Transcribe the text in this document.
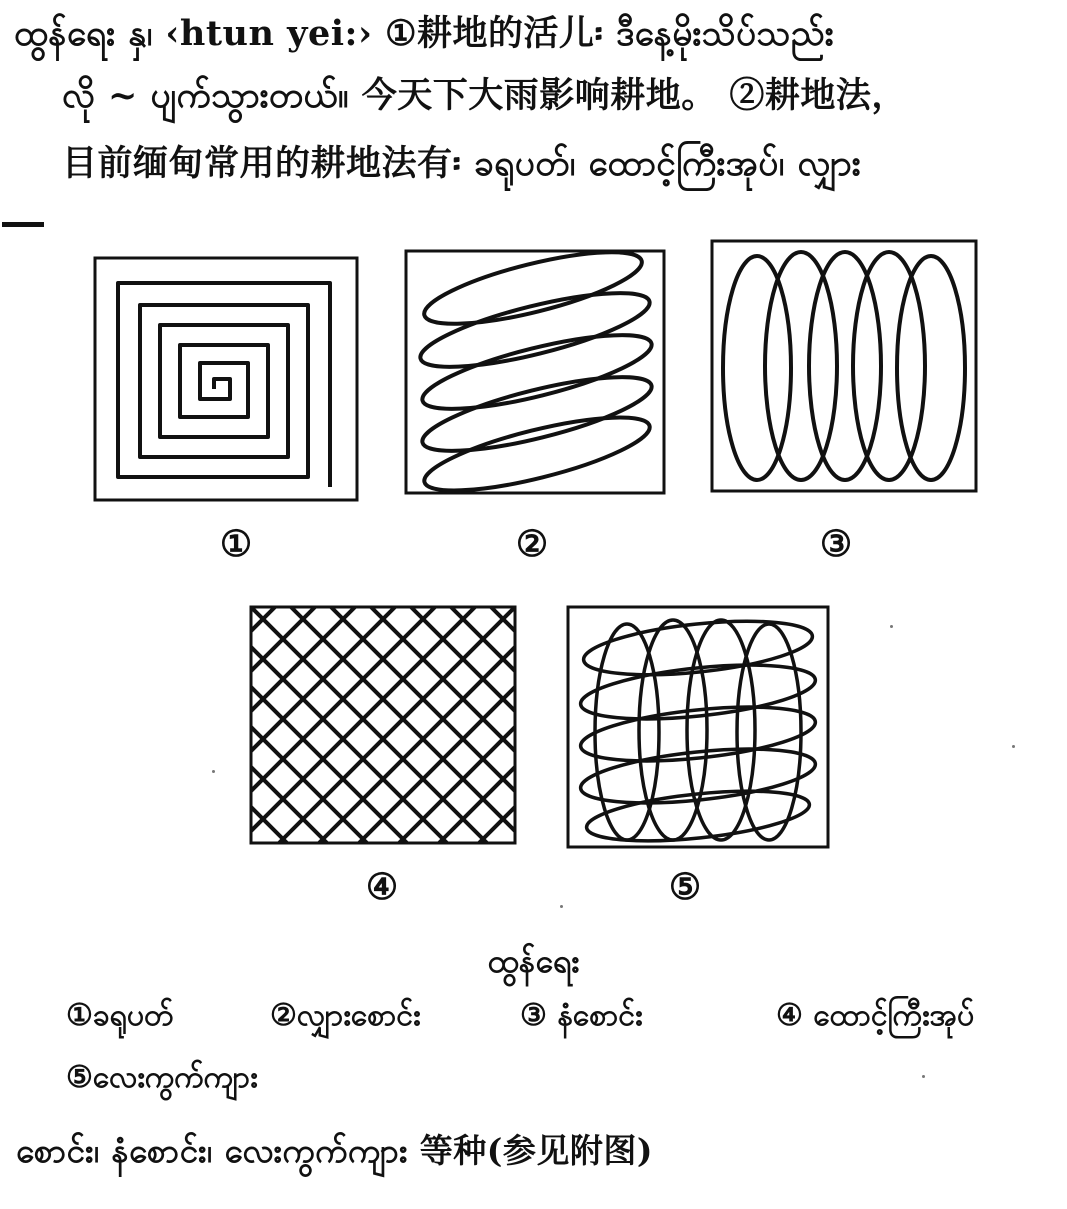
ထွန်ရေး နှ၊ ‹htun yei:› ①耕地的活儿፡ ဒီနေ့မိုးသိပ်သည်း
လို ~ ပျက်သွားတယ်။ 今天下大雨影响耕地。 ②耕地法，
目前缅甸常用的耕地法有፡ ခရုပတ်၊ ထောင့်ကြီးအုပ်၊ လျှား
①	②	③
④	⑤
ထွန်ရေး
①ခရုပတ်	②လျှားစောင်း	③ နံစောင်း	④ ထောင့်ကြီးအုပ်
⑤လေးကွက်ကျား
စောင်း၊ နံစောင်း၊ လေးကွက်ကျား 等种(参见附图)
